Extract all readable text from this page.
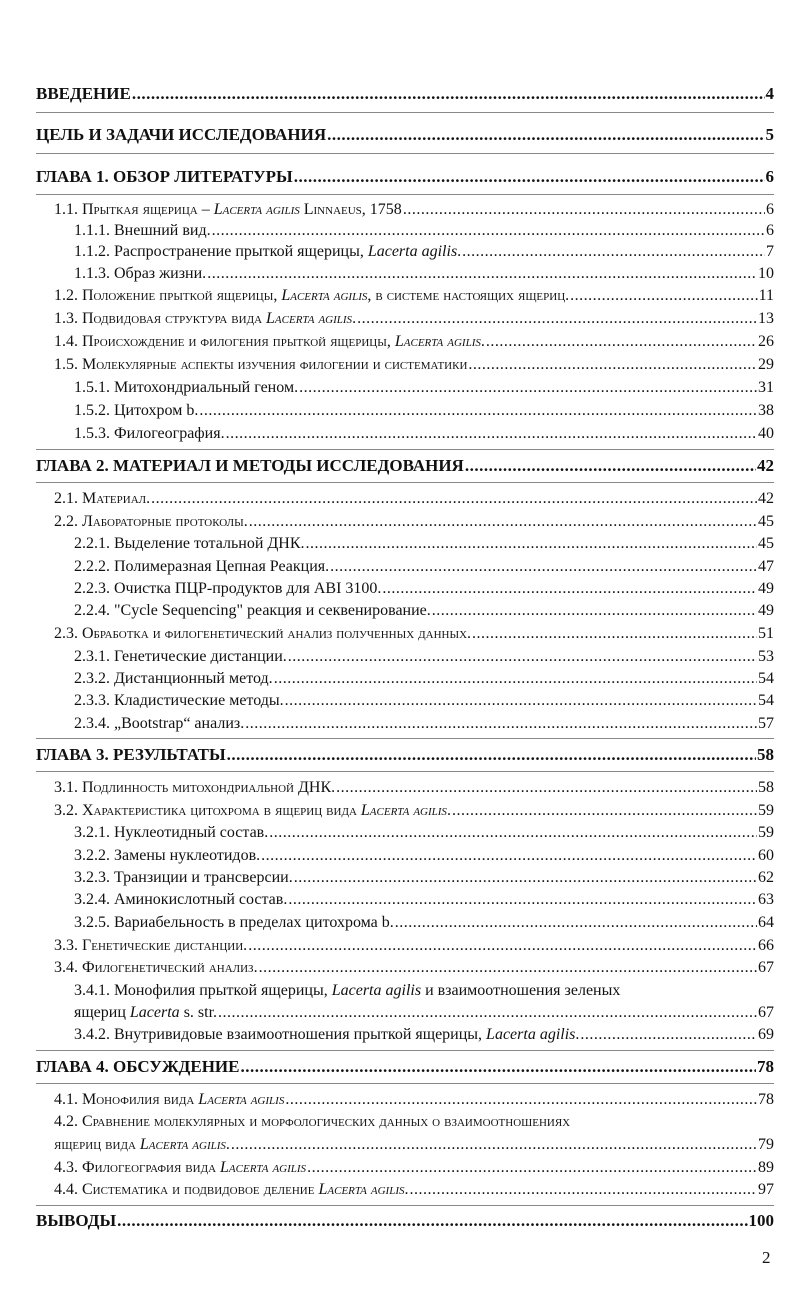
ВВЕДЕНИЕ .....	4
ЦЕЛЬ И ЗАДАЧИ ИССЛЕДОВАНИЯ .....	5
ГЛАВА 1. ОБЗОР ЛИТЕРАТУРЫ .....	6
1.1. Прыткая ящерица – Lacerta agilis Linnaeus, 1758 .....	6
1.1.1. Внешний вид. .....	6
1.1.2. Распространение прыткой ящерицы, Lacerta agilis. .....	7
1.1.3. Образ жизни. .....	10
1.2. Положение прыткой ящерицы, Lacerta agilis, в системе настоящих ящериц. .....	11
1.3. Подвидовая структура вида Lacerta agilis. .....	13
1.4. Происхождение и филогения прыткой ящерицы, Lacerta agilis. .....	26
1.5. Молекулярные аспекты изучения филогении и систематики .....	29
1.5.1. Митохондриальный геном. .....	31
1.5.2. Цитохром b. .....	38
1.5.3. Филогеография. .....	40
ГЛАВА 2. МАТЕРИАЛ И МЕТОДЫ ИССЛЕДОВАНИЯ .....	42
2.1. Материал. .....	42
2.2. Лабораторные протоколы. .....	45
2.2.1. Выделение тотальной ДНК. .....	45
2.2.2. Полимеразная Цепная Реакция. .....	47
2.2.3. Очистка ПЦР-продуктов для ABI 3100. .....	49
2.2.4. "Cycle Sequencing" реакция и секвенирование. .....	49
2.3. Обработка и филогенетический анализ полученных данных. .....	51
2.3.1. Генетические дистанции. .....	53
2.3.2. Дистанционный метод. .....	54
2.3.3. Кладистические методы. .....	54
2.3.4. „Bootstrap“ анализ. .....	57
ГЛАВА 3. РЕЗУЛЬТАТЫ .....	58
3.1. Подлинность митохондриальной ДНК. .....	58
3.2. Характеристика цитохрома в ящериц вида Lacerta agilis. .....	59
3.2.1. Нуклеотидный состав. .....	59
3.2.2. Замены нуклеотидов. .....	60
3.2.3. Транзиции и трансверсии. .....	62
3.2.4. Аминокислотный состав. .....	63
3.2.5. Вариабельность в пределах цитохрома b. .....	64
3.3. Генетические дистанции. .....	66
3.4. Филогенетический анализ. .....	67
3.4.1. Монофилия прыткой ящерицы, Lacerta agilis и взаимоотношения зеленых
ящериц Lacerta s. str. .....	67
3.4.2. Внутривидовые взаимоотношения прыткой ящерицы, Lacerta agilis. .....	69
ГЛАВА 4. ОБСУЖДЕНИЕ .....	78
4.1. Монофилия вида Lacerta agilis .....	78
4.2. Сравнение молекулярных и морфологических данных о взаимоотношениях
ящериц вида Lacerta agilis. .....	79
4.3. Филогеография вида Lacerta agilis .....	89
4.4. Систематика и подвидовое деление Lacerta agilis. .....	97
ВЫВОДЫ .....	100
2
